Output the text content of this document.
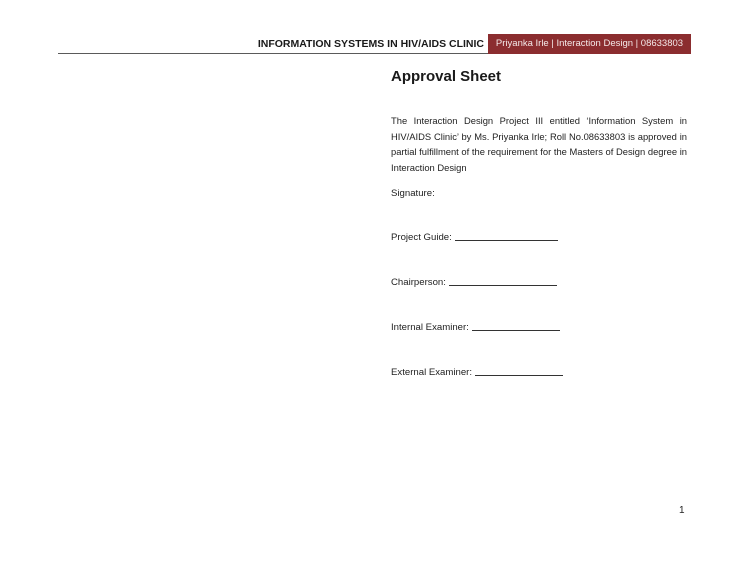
INFORMATION SYSTEMS IN HIV/AIDS CLINIC	Priyanka Irle | Interaction Design | 08633803
Approval Sheet

The Interaction Design Project III entitled ‘Information System in HIV/AIDS Clinic’ by Ms. Priyanka Irle; Roll No.08633803 is approved in partial fulfillment of the requirement for the Masters of Design degree in Interaction Design

Signature:
Project Guide:
Chairperson:
Internal Examiner:
External Examiner:
1
